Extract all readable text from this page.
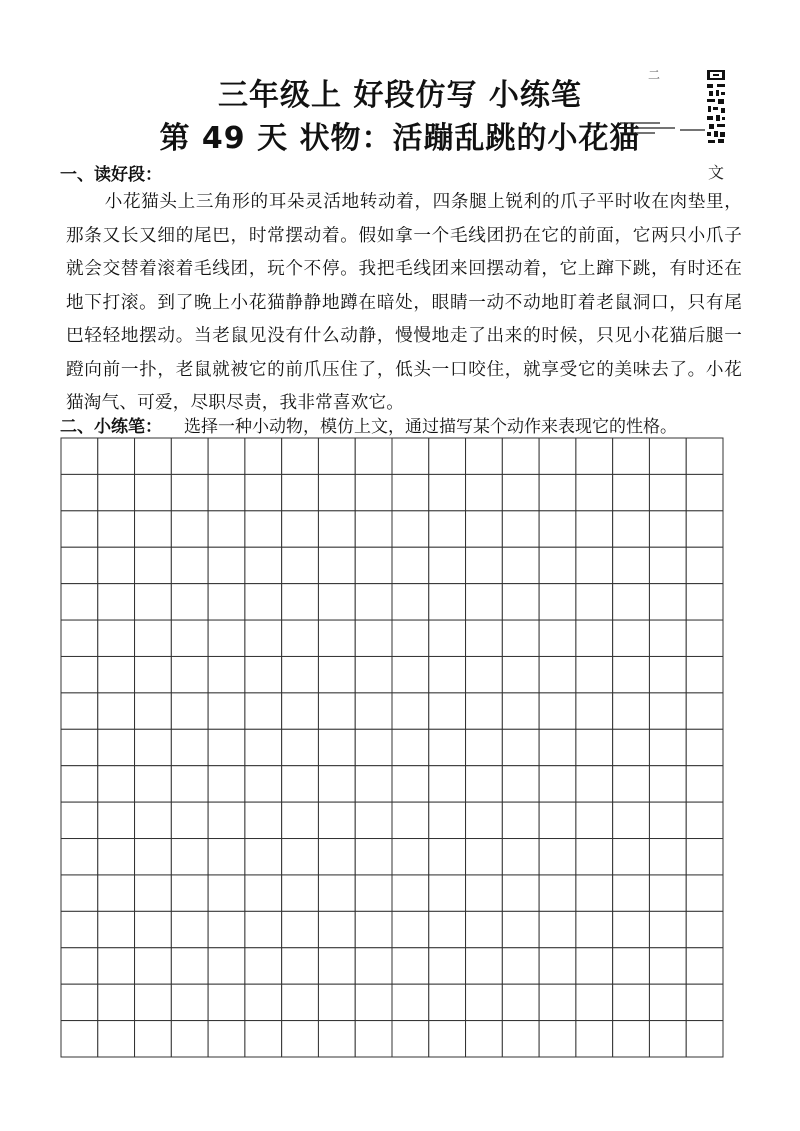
三年级上 好段仿写 小练笔
第 49 天 状物：活蹦乱跳的小花猫
二
文
一、读好段：
小花猫头上三角形的耳朵灵活地转动着，四条腿上锐利的爪子平时收在肉垫里，那条又长又细的尾巴，时常摆动着。假如拿一个毛线团扔在它的前面，它两只小爪子就会交替着滚着毛线团，玩个不停。我把毛线团来回摆动着，它上蹿下跳，有时还在地下打滚。到了晚上小花猫静静地蹲在暗处，眼睛一动不动地盯着老鼠洞口，只有尾巴轻轻地摆动。当老鼠见没有什么动静，慢慢地走了出来的时候，只见小花猫后腿一蹬向前一扑，老鼠就被它的前爪压住了，低头一口咬住，就享受它的美味去了。小花猫淘气、可爱，尽职尽责，我非常喜欢它。
二、小练笔： 选择一种小动物，模仿上文，通过描写某个动作来表现它的性格。
